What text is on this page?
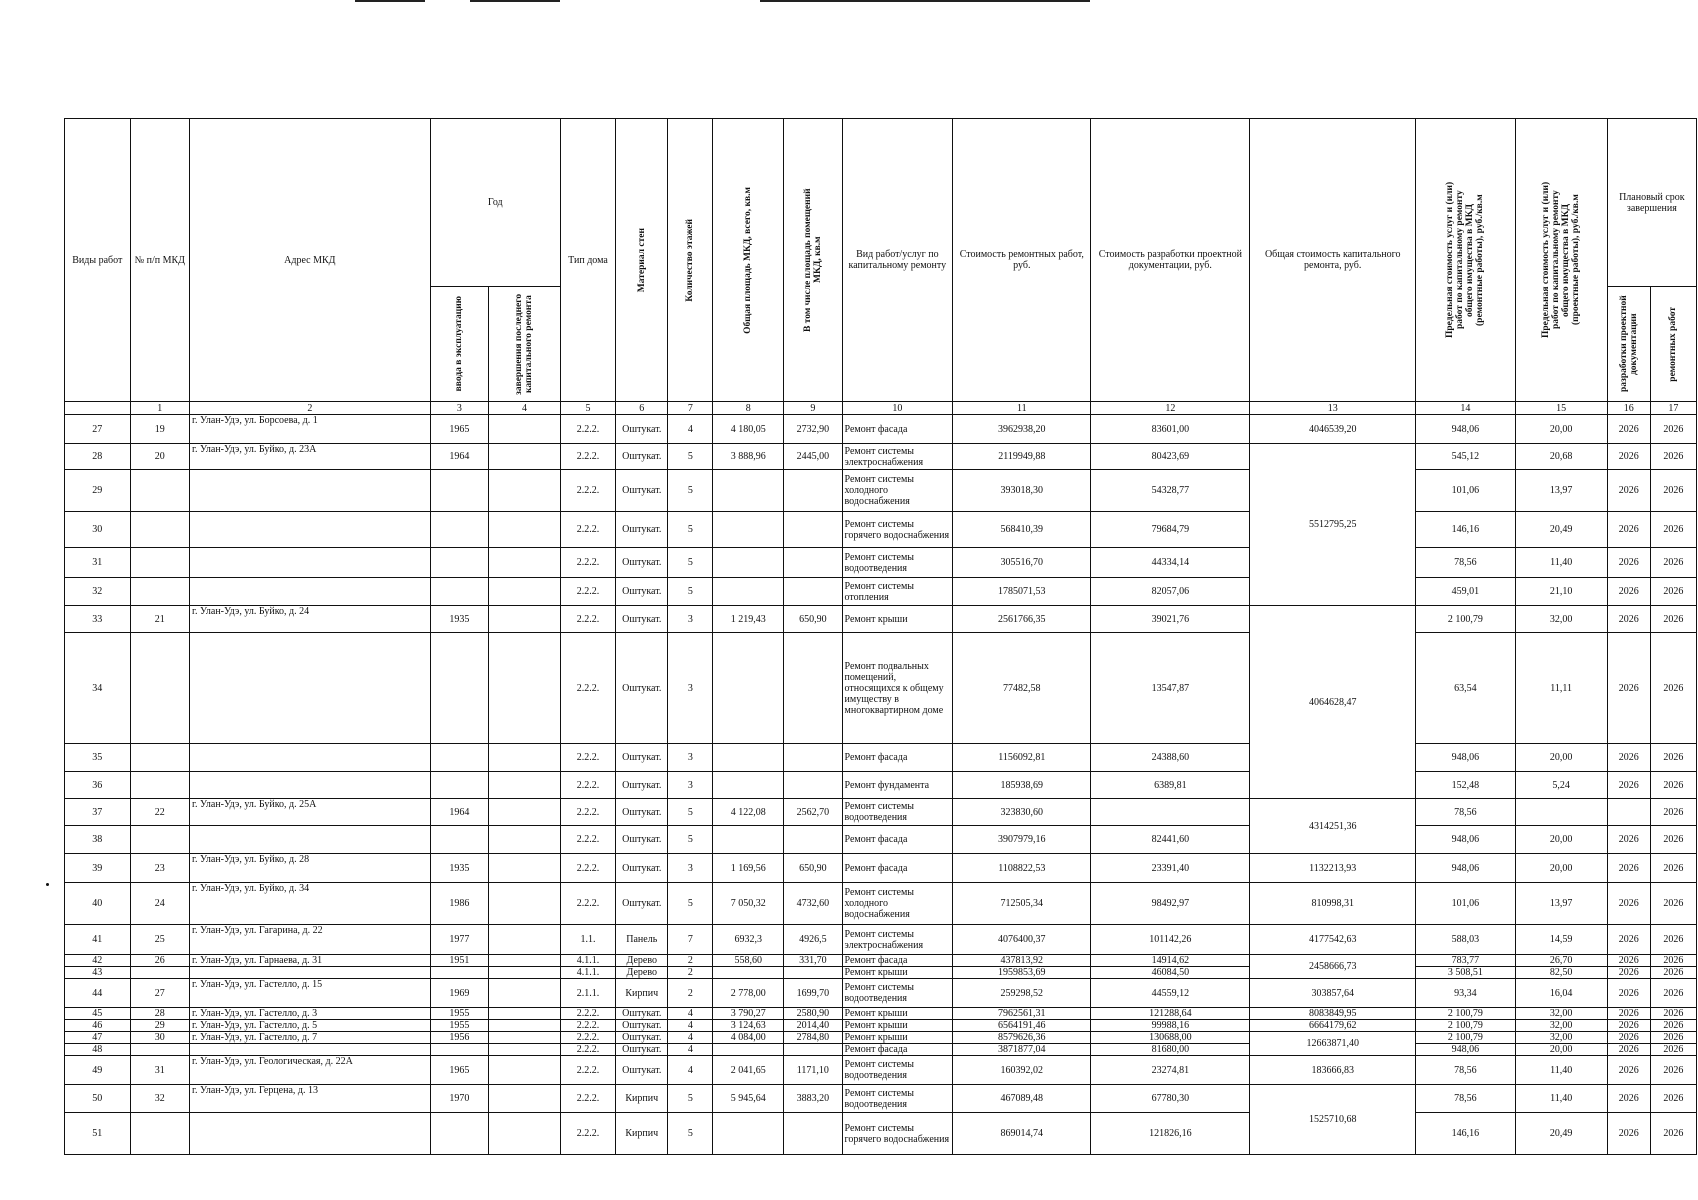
Виды работ	№ п/п МКД	Адрес МКД	Год		Тип дома	Материал стен	Количество этажей	Общая площадь МКД, всего, кв.м	В том числе площадь помещений МКД, кв.м	Вид работ/услуг по капитальному ремонту	Стоимость ремонтных работ, руб.	Стоимость разработки проектной документации, руб.	Общая стоимость капитального ремонта, руб.	Предельная стоимость услуг и (или) работ по капитальному ремонту общего имущества в МКД (ремонтные работы), руб./кв.м	Предельная стоимость услуг и (или) работ по капитальному ремонту общего имущества в МКД (проектные работы), руб./кв.м	Плановый срок завершения	

			ввода в эксплуатацию	завершения последнего капитального ремонта												разработки проектной документации	ремонтных работ

	1	2	3	4	5	6	7	8	9	10	11	12	13	14	15	16	17
27	19	г. Улан-Удэ, ул. Борсоева, д. 1	1965		2.2.2.	Оштукат.	4	4 180,05	2732,90	Ремонт фасада	3962938,20	83601,00	4046539,20	948,06	20,00	2026	2026
28	20	г. Улан-Удэ, ул. Буйко, д. 23А	1964		2.2.2.	Оштукат.	5	3 888,96	2445,00	Ремонт системы электроснабжения	2119949,88	80423,69	5512795,25	545,12	20,68	2026	2026
29					2.2.2.	Оштукат.	5			Ремонт системы холодного водоснабжения	393018,30	54328,77		101,06	13,97	2026	2026
30					2.2.2.	Оштукат.	5			Ремонт системы горячего водоснабжения	568410,39	79684,79		146,16	20,49	2026	2026
31					2.2.2.	Оштукат.	5			Ремонт системы водоотведения	305516,70	44334,14		78,56	11,40	2026	2026
32					2.2.2.	Оштукат.	5			Ремонт системы отопления	1785071,53	82057,06		459,01	21,10	2026	2026
33	21	г. Улан-Удэ, ул. Буйко, д. 24	1935		2.2.2.	Оштукат.	3	1 219,43	650,90	Ремонт крыши	2561766,35	39021,76	4064628,47	2 100,79	32,00	2026	2026
34					2.2.2.	Оштукат.	3			Ремонт подвальных помещений, относящихся к общему имуществу в многоквартирном доме	77482,58	13547,87		63,54	11,11	2026	2026
35					2.2.2.	Оштукат.	3			Ремонт фасада	1156092,81	24388,60		948,06	20,00	2026	2026
36					2.2.2.	Оштукат.	3			Ремонт фундамента	185938,69	6389,81		152,48	5,24	2026	2026
37	22	г. Улан-Удэ, ул. Буйко, д. 25А	1964		2.2.2.	Оштукат.	5	4 122,08	2562,70	Ремонт системы водоотведения	323830,60		4314251,36	78,56			2026
38					2.2.2.	Оштукат.	5			Ремонт фасада	3907979,16	82441,60		948,06	20,00	2026	2026
39	23	г. Улан-Удэ, ул. Буйко, д. 28	1935		2.2.2.	Оштукат.	3	1 169,56	650,90	Ремонт фасада	1108822,53	23391,40	1132213,93	948,06	20,00	2026	2026
40	24	г. Улан-Удэ, ул. Буйко, д. 34	1986		2.2.2.	Оштукат.	5	7 050,32	4732,60	Ремонт системы холодного водоснабжения	712505,34	98492,97	810998,31	101,06	13,97	2026	2026
41	25	г. Улан-Удэ, ул. Гагарина, д. 22	1977		1.1.	Панель	7	6932,3	4926,5	Ремонт системы электроснабжения	4076400,37	101142,26	4177542,63	588,03	14,59	2026	2026
42	26	г. Улан-Удэ, ул. Гарнаева, д. 31	1951		4.1.1.	Дерево	2	558,60	331,70	Ремонт фасада	437813,92	14914,62	2458666,73	783,77	26,70	2026	2026
43					4.1.1.	Дерево	2			Ремонт крыши	1959853,69	46084,50		3 508,51	82,50	2026	2026
44	27	г. Улан-Удэ, ул. Гастелло, д. 15	1969		2.1.1.	Кирпич	2	2 778,00	1699,70	Ремонт системы водоотведения	259298,52	44559,12	303857,64	93,34	16,04	2026	2026
45	28	г. Улан-Удэ, ул. Гастелло, д. 3	1955		2.2.2.	Оштукат.	4	3 790,27	2580,90	Ремонт крыши	7962561,31	121288,64	8083849,95	2 100,79	32,00	2026	2026
46	29	г. Улан-Удэ, ул. Гастелло, д. 5	1955		2.2.2.	Оштукат.	4	3 124,63	2014,40	Ремонт крыши	6564191,46	99988,16	6664179,62	2 100,79	32,00	2026	2026
47	30	г. Улан-Удэ, ул. Гастелло, д. 7	1956		2.2.2.	Оштукат.	4	4 084,00	2784,80	Ремонт крыши	8579626,36	130688,00	12663871,40	2 100,79	32,00	2026	2026
48					2.2.2.	Оштукат.	4			Ремонт фасада	3871877,04	81680,00		948,06	20,00	2026	2026
49	31	г. Улан-Удэ, ул. Геологическая, д. 22А	1965		2.2.2.	Оштукат.	4	2 041,65	1171,10	Ремонт системы водоотведения	160392,02	23274,81	183666,83	78,56	11,40	2026	2026
50	32	г. Улан-Удэ, ул. Герцена, д. 13	1970		2.2.2.	Кирпич	5	5 945,64	3883,20	Ремонт системы водоотведения	467089,48	67780,30	1525710,68	78,56	11,40	2026	2026
51					2.2.2.	Кирпич	5			Ремонт системы горячего водоснабжения	869014,74	121826,16		146,16	20,49	2026	2026
